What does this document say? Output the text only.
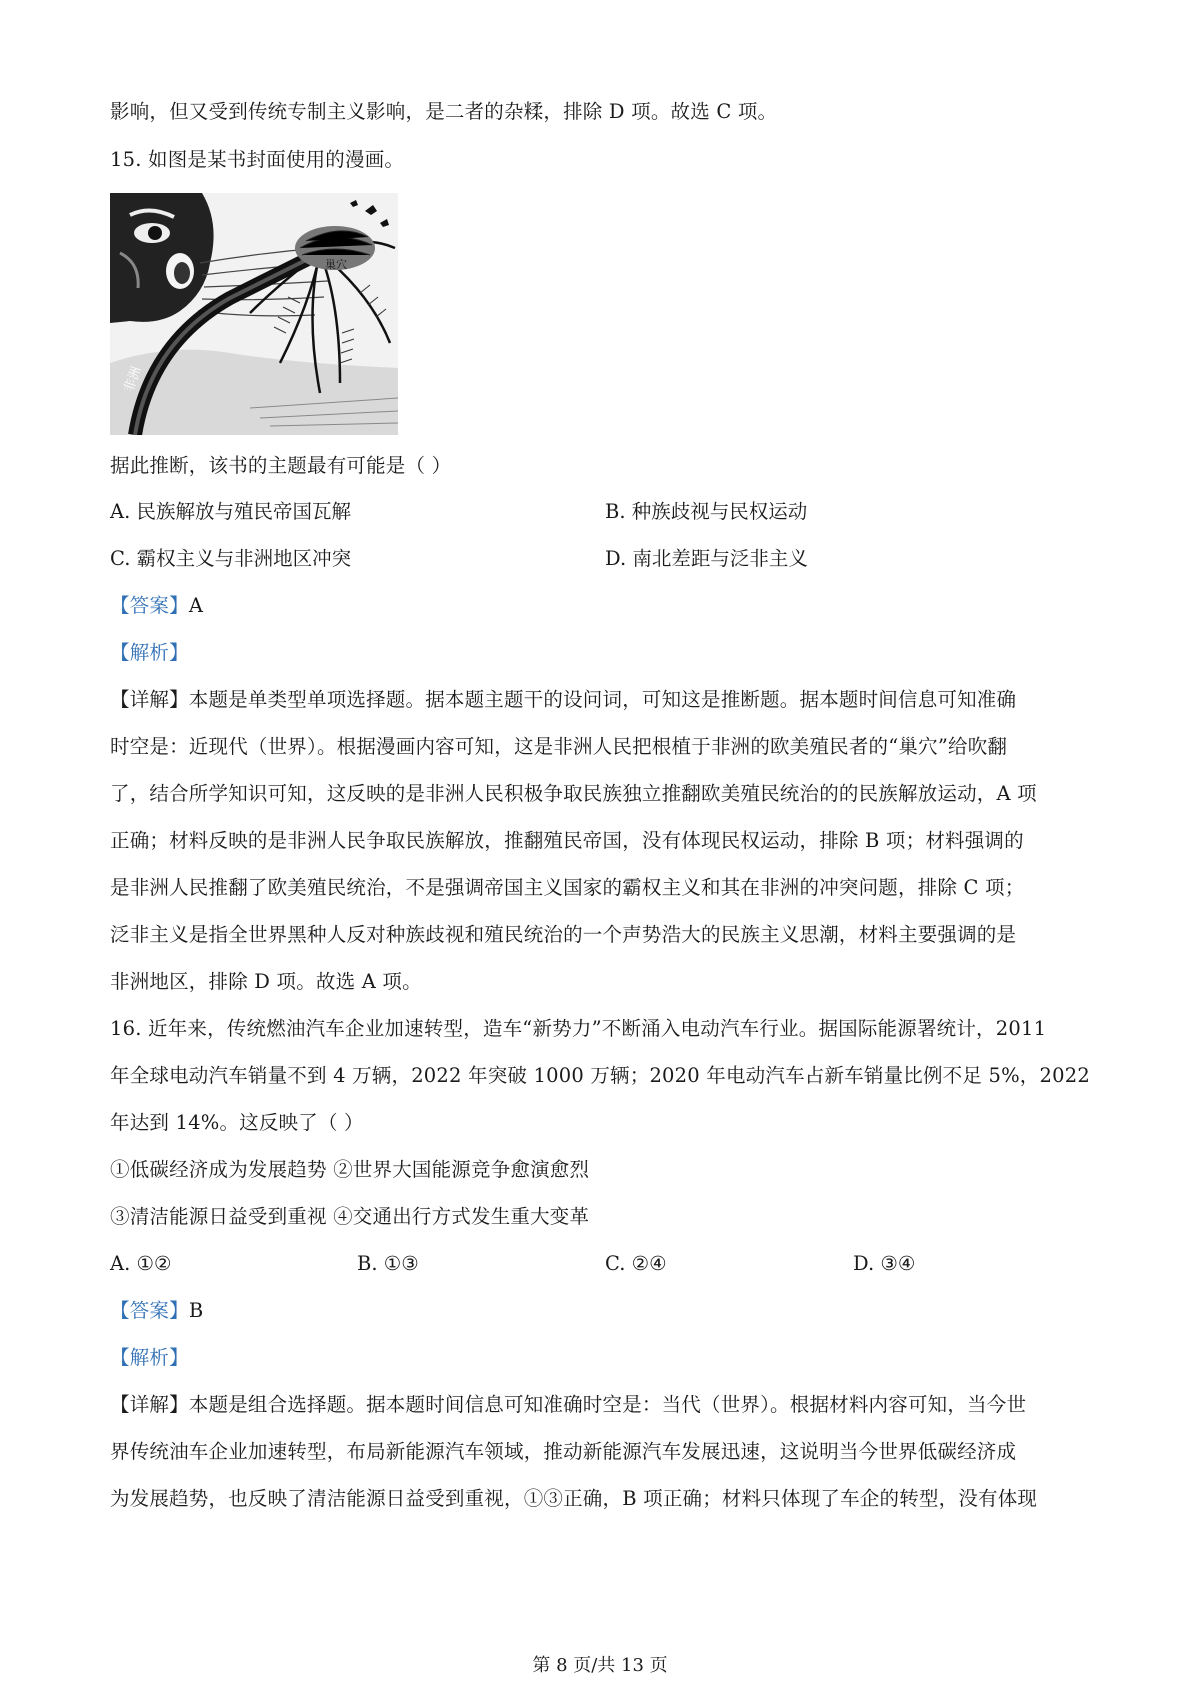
影响，但又受到传统专制主义影响，是二者的杂糅，排除 D 项。故选 C 项。
15. 如图是某书封面使用的漫画。
非洲
巢穴
据此推断，该书的主题最有可能是（ ）
A. 民族解放与殖民帝国瓦解	B. 种族歧视与民权运动
C. 霸权主义与非洲地区冲突	D. 南北差距与泛非主义
【答案】A
【解析】
【详解】本题是单类型单项选择题。据本题主题干的设问词，可知这是推断题。据本题时间信息可知准确
时空是：近现代（世界）。根据漫画内容可知，这是非洲人民把根植于非洲的欧美殖民者的“巢穴”给吹翻
了，结合所学知识可知，这反映的是非洲人民积极争取民族独立推翻欧美殖民统治的的民族解放运动，A 项
正确；材料反映的是非洲人民争取民族解放，推翻殖民帝国，没有体现民权运动，排除 B 项；材料强调的
是非洲人民推翻了欧美殖民统治，不是强调帝国主义国家的霸权主义和其在非洲的冲突问题，排除 C 项；
泛非主义是指全世界黑种人反对种族歧视和殖民统治的一个声势浩大的民族主义思潮，材料主要强调的是
非洲地区，排除 D 项。故选 A 项。
16. 近年来，传统燃油汽车企业加速转型，造车“新势力”不断涌入电动汽车行业。据国际能源署统计，2011
年全球电动汽车销量不到 4 万辆，2022 年突破 1000 万辆；2020 年电动汽车占新车销量比例不足 5%，2022
年达到 14%。这反映了（ ）
①低碳经济成为发展趋势 ②世界大国能源竞争愈演愈烈
③清洁能源日益受到重视 ④交通出行方式发生重大变革
A. ①②	B. ①③	C. ②④	D. ③④
【答案】B
【解析】
【详解】本题是组合选择题。据本题时间信息可知准确时空是：当代（世界）。根据材料内容可知，当今世
界传统油车企业加速转型，布局新能源汽车领域，推动新能源汽车发展迅速，这说明当今世界低碳经济成
为发展趋势，也反映了清洁能源日益受到重视，①③正确，B 项正确；材料只体现了车企的转型，没有体现
第 8 页/共 13 页
